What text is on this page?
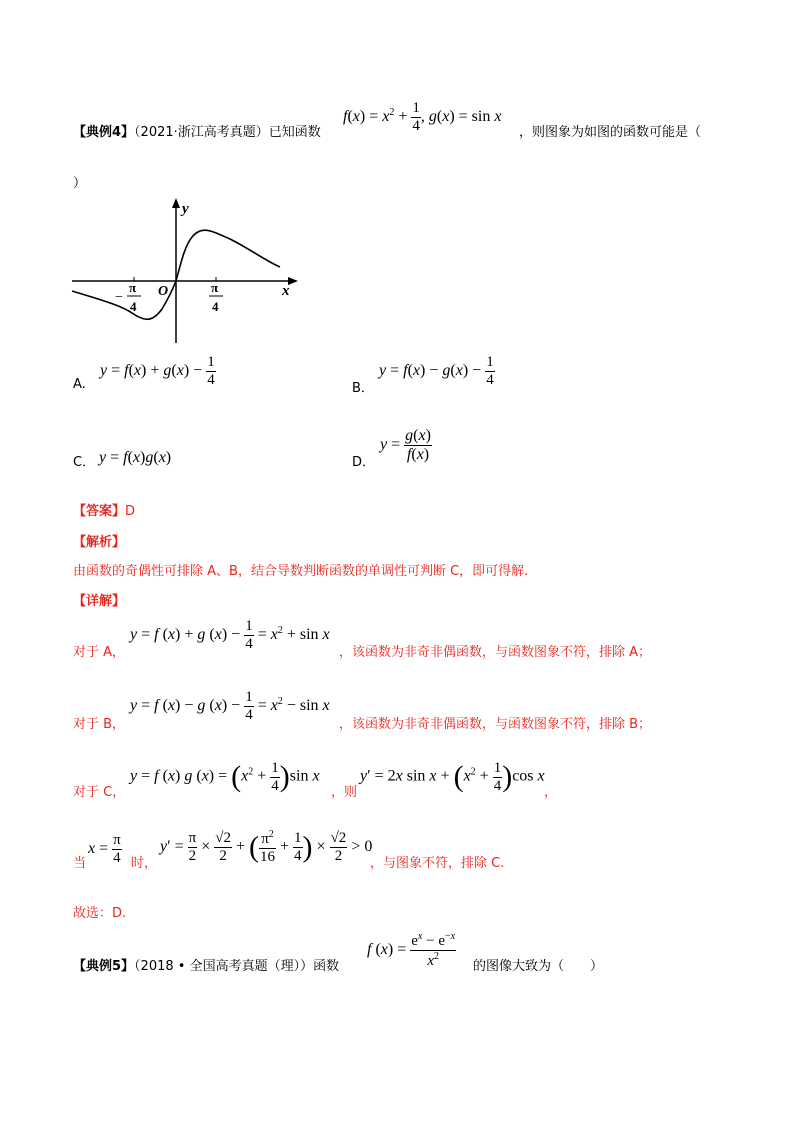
【典例4】（2021·浙江高考真题）已知函数
$f(x) = x^2 + \frac{1}{4}$ , g(x) = sin x
，则图象为如图的函数可能是（
）
y
x
O
−
π
4
π
4
A.
$y = f(x) + g(x) - \frac{1}{4}$
B．
$y = f(x) - g(x) - \frac{1}{4}$
C． y = f(x)g(x)	D．
$y = \frac{g(x)}{f(x)}$
【答案】D
【解析】
由函数的奇偶性可排除 A、B，结合导数判断函数的单调性可判断 C，即可得解.
【详解】
对于 A，
y = f (x) + g $(x) - \frac{1}{4} = x^2 + \sin x$
，该函数为非奇非偶函数，与函数图象不符，排除 A；
对于 B，
y = f (x) − g $(x) - \frac{1}{4} = x^2 - \sin x$
，该函数为非奇非偶函数，与函数图象不符，排除 B；
对于 C，
y = f (x) g $(x) = (x^2 + \frac{1}{4} )\sin$ x
，则
y′ = 2x $\sin x + (x^2 + \frac{1}{4} )\cos$ x
，
当
$x = \frac{\pi}{4}$ 时，
$y' = \frac{\pi}{2} \times \frac{√2}{2}$ + ( $\frac{\pi^2}{16} + \frac{1}{4}$ ) × $\frac{√2}{2} > 0$
，与图象不符，排除 C.
故选：D.
【典例5】（2018 • 全国高考真题（理））函数
f $(x) = \frac{e^x - e^{-x}}{x^2}$ 的图像大致为（　　）
